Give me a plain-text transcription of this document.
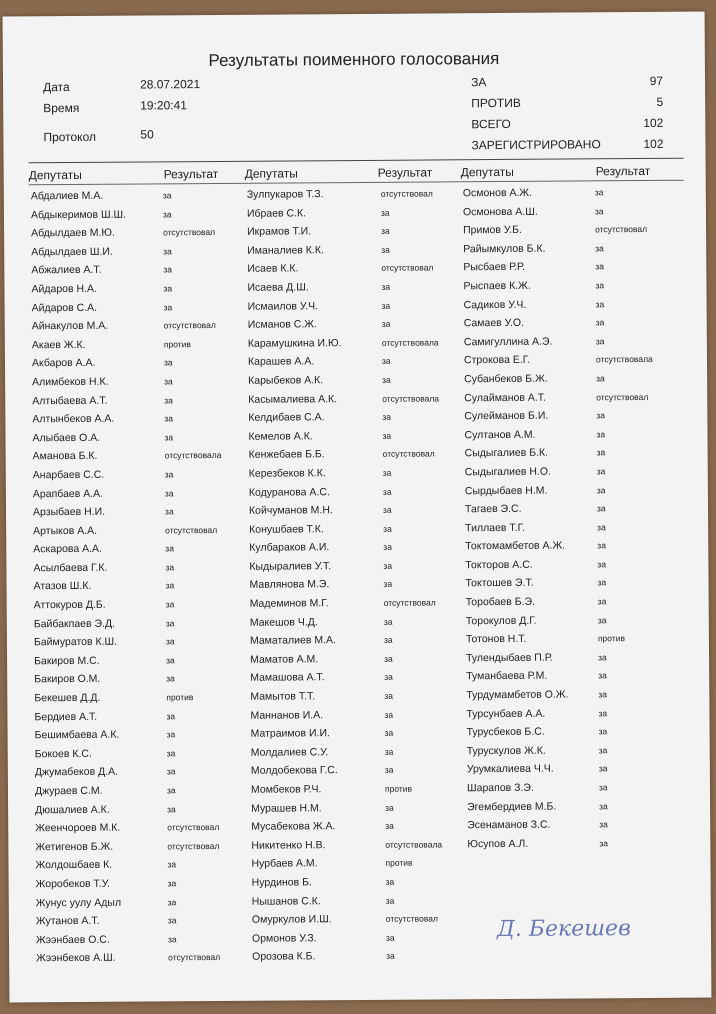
Результаты поименного голосования
Дата	28.07.2021
Время	19:20:41
Протокол	50
ЗА	97
ПРОТИВ	5
ВСЕГО	102
ЗАРЕГИСТРИРОВАНО	102
Депутаты	Результат Депутаты	Результат Депутаты	Результат
Абдалиев М.А.	за
Абдыкеримов Ш.Ш.	за
Абдылдаев М.Ю.	отсутствовал
Абдылдаев Ш.И.	за
Абжалиев А.Т.	за
Айдаров Н.А.	за
Айдаров С.А.	за
Айнакулов М.А.	отсутствовал
Акаев Ж.К.	против
Акбаров А.А.	за
Алимбеков Н.К.	за
Алтыбаева А.Т.	за
Алтынбеков А.А.	за
Алыбаев О.А.	за
Аманова Б.К.	отсутствовала
Анарбаев С.С.	за
Арапбаев А.А.	за
Арзыбаев Н.И.	за
Артыков А.А.	отсутствовал
Аскарова А.А.	за
Асылбаева Г.К.	за
Атазов Ш.К.	за
Аттокуров Д.Б.	за
Байбакпаев Э.Д.	за
Баймуратов К.Ш.	за
Бакиров М.С.	за
Бакиров О.М.	за
Бекешев Д.Д.	против
Бердиев А.Т.	за
Бешимбаева А.К.	за
Бокоев К.С.	за
Джумабеков Д.А.	за
Джураев С.М.	за
Дюшалиев А.К.	за
Жеенчороев М.К.	отсутствовал
Жетигенов Б.Ж.	отсутствовал
Жолдошбаев К.	за
Жоробеков Т.У.	за
Жунус уулу Адыл	за
Жутанов А.Т.	за
Жээнбаев О.С.	за
Жээнбеков А.Ш.	отсутствовал
Зулпукаров Т.З.	отсутствовал
Ибраев С.К.	за
Икрамов Т.И.	за
Иманалиев К.К.	за
Исаев К.К.	отсутствовал
Исаева Д.Ш.	за
Исмаилов У.Ч.	за
Исманов С.Ж.	за
Карамушкина И.Ю.	отсутствовала
Карашев А.А.	за
Карыбеков А.К.	за
Касымалиева А.К.	отсутствовала
Келдибаев С.А.	за
Кемелов А.К.	за
Кенжебаев Б.Б.	отсутствовал
Керезбеков К.К.	за
Кодуранова А.С.	за
Койчуманов М.Н.	за
Конушбаев Т.К.	за
Кулбараков А.И.	за
Кыдыралиев У.Т.	за
Мавлянова М.Э.	за
Мадеминов М.Г.	отсутствовал
Макешов Ч.Д.	за
Маматалиев М.А.	за
Маматов А.М.	за
Мамашова А.Т.	за
Мамытов Т.Т.	за
Маннанов И.А.	за
Матраимов И.И.	за
Молдалиев С.У.	за
Молдобекова Г.С.	за
Момбеков Р.Ч.	против
Мурашев Н.М.	за
Мусабекова Ж.А.	за
Никитенко Н.В.	отсутствовала
Нурбаев А.М.	против
Нурдинов Б.	за
Нышанов С.К.	за
Омуркулов И.Ш.	отсутствовал
Ормонов У.З.	за
Орозова К.Б.	за
Осмонов А.Ж.	за
Осмонова А.Ш.	за
Примов У.Б.	отсутствовал
Райымкулов Б.К.	за
Рысбаев Р.Р.	за
Рыспаев К.Ж.	за
Садиков У.Ч.	за
Самаев У.О.	за
Самигуллина А.Э.	за
Строкова Е.Г.	отсутствовала
Субанбеков Б.Ж.	за
Сулайманов А.Т.	отсутствовал
Сулейманов Б.И.	за
Султанов А.М.	за
Сыдыгалиев Б.К.	за
Сыдыгалиев Н.О.	за
Сырдыбаев Н.М.	за
Тагаев Э.С.	за
Тиллаев Т.Г.	за
Токтомамбетов А.Ж.	за
Токторов А.С.	за
Токтошев Э.Т.	за
Торобаев Б.Э.	за
Торокулов Д.Г.	за
Тотонов Н.Т.	против
Тулендыбаев П.Р.	за
Туманбаева Р.М.	за
Турдумамбетов О.Ж.	за
Турсунбаев А.А.	за
Турусбеков Б.С.	за
Турускулов Ж.К.	за
Урумкалиева Ч.Ч.	за
Шарапов З.Э.	за
Эгембердиев М.Б.	за
Эсенаманов З.С.	за
Юсупов А.Л.	за
Д. Бекешев
